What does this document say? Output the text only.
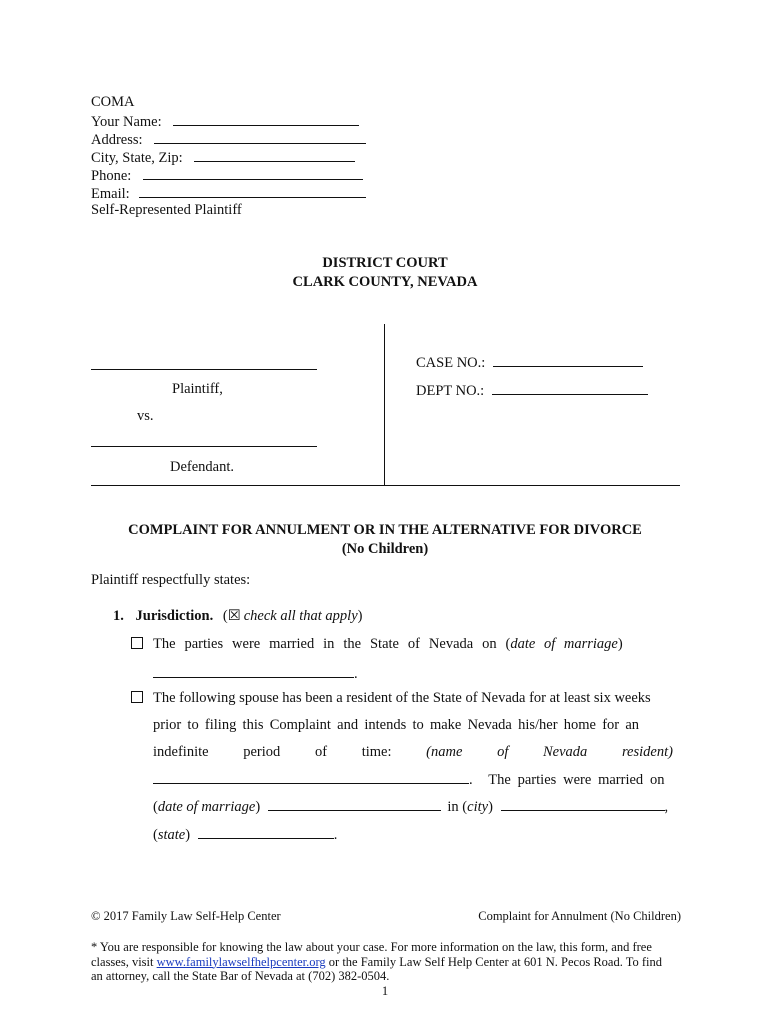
COMA
Your Name:
Address:
City, State, Zip:
Phone:
Email:
Self-Represented Plaintiff
DISTRICT COURT
CLARK COUNTY, NEVADA
Plaintiff,
vs.
Defendant.
CASE NO.:
DEPT NO.:
COMPLAINT FOR ANNULMENT OR IN THE ALTERNATIVE FOR DIVORCE
(No Children)
Plaintiff respectfully states:
1. Jurisdiction. (☒ check all that apply)
The parties were married in the State of Nevada on (date of marriage)
.
The following spouse has been a resident of the State of Nevada for at least six weeks
prior to filing this Complaint and intends to make Nevada his/her home for an
indefinite period of time: (name of Nevada resident)
. The parties were married on
(date of marriage)	in (city)	,
(state)	.
© 2017 Family Law Self-Help Center	Complaint for Annulment (No Children)
* You are responsible for knowing the law about your case. For more information on the law, this form, and free
classes, visit www.familylawselfhelpcenter.org or the Family Law Self Help Center at 601 N. Pecos Road. To find
an attorney, call the State Bar of Nevada at (702) 382-0504.
1
